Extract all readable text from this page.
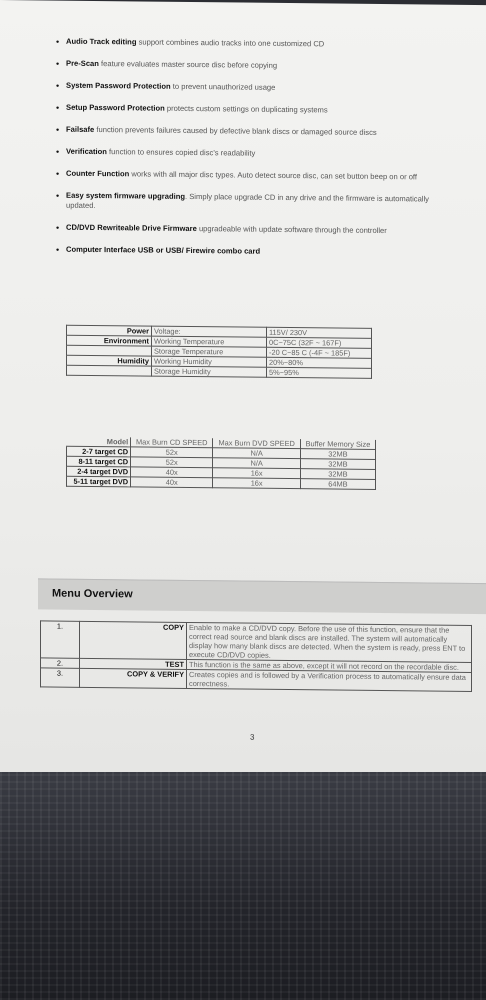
• Audio Track editing support combines audio tracks into one customized CD
• Pre-Scan feature evaluates master source disc before copying
• System Password Protection to prevent unauthorized usage
• Setup Password Protection protects custom settings on duplicating systems
• Failsafe function prevents failures caused by defective blank discs or damaged source discs
• Verification function to ensures copied disc's readability
• Counter Function works with all major disc types. Auto detect source disc, can set button beep on or off
• Easy system firmware upgrading. Simply place upgrade CD in any drive and the firmware is automatically updated.
• CD/DVD Rewriteable Drive Firmware upgradeable with update software through the controller
• Computer Interface USB or USB/ Firewire combo card
Power	Voltage:	115V/ 230V
Environment	Working Temperature	0C~75C (32F ~ 167F)
	Storage Temperature	-20 C~85 C (-4F ~ 185F)
Humidity	Working Humidity	20%~80%
	Storage Humidity	5%~95%
Model	Max Burn CD SPEED	Max Burn DVD SPEED	Buffer Memory Size
2-7 target CD	52x	N/A	32MB
8-11 target CD	52x	N/A	32MB
2-4 target DVD	40x	16x	32MB
5-11 target DVD	40x	16x	64MB
Menu Overview
1.	COPY	Enable to make a CD/DVD copy. Before the use of this function, ensure that the correct read source and blank discs are installed. The system will automatically display how many blank discs are detected. When the system is ready, press ENT to execute CD/DVD copies.
2.	TEST	This function is the same as above, except it will not record on the recordable disc.
3.	COPY & VERIFY	Creates copies and is followed by a Verification process to automatically ensure data correctness.
3
